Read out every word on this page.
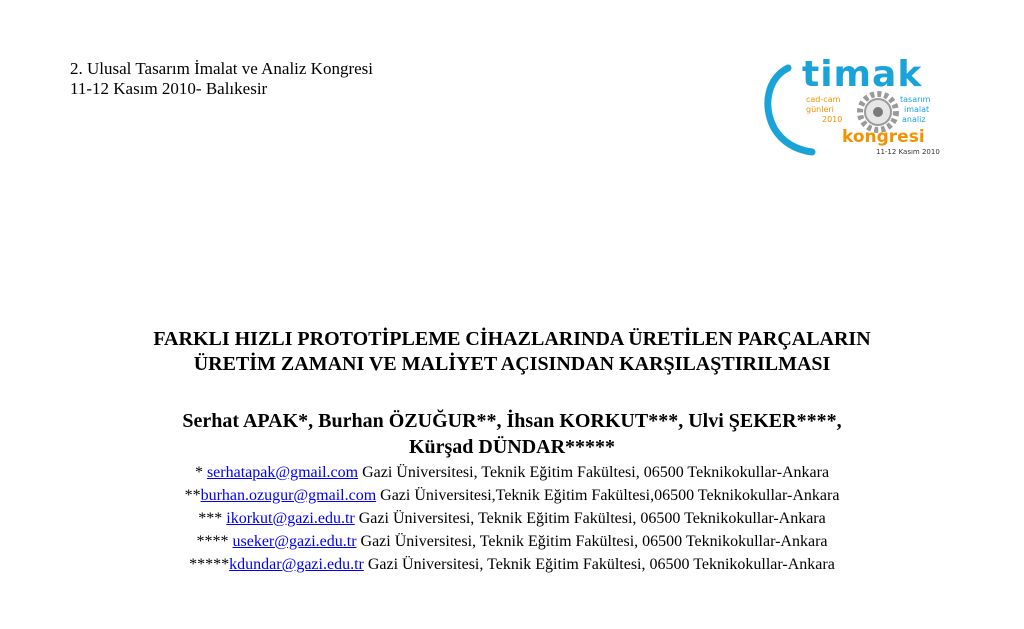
2. Ulusal Tasarım İmalat ve Analiz Kongresi
11-12 Kasım 2010- Balıkesir	timak
cad-cam
günleri
2010
tasarım
imalat
analiz
kongresi
11-12 Kasım 2010
FARKLI HIZLI PROTOTİPLEME CİHAZLARINDA ÜRETİLEN PARÇALARIN
ÜRETİM ZAMANI VE MALİYET AÇISINDAN KARŞILAŞTIRILMASI
Serhat APAK*, Burhan ÖZUĞUR**, İhsan KORKUT***, Ulvi ŞEKER****,
Kürşad DÜNDAR*****
* serhatapak@gmail.com Gazi Üniversitesi, Teknik Eğitim Fakültesi, 06500 Teknikokullar-Ankara
**burhan.ozugur@gmail.com Gazi Üniversitesi,Teknik Eğitim Fakültesi,06500 Teknikokullar-Ankara
*** ikorkut@gazi.edu.tr Gazi Üniversitesi, Teknik Eğitim Fakültesi, 06500 Teknikokullar-Ankara
**** useker@gazi.edu.tr Gazi Üniversitesi, Teknik Eğitim Fakültesi, 06500 Teknikokullar-Ankara
*****kdundar@gazi.edu.tr Gazi Üniversitesi, Teknik Eğitim Fakültesi, 06500 Teknikokullar-Ankara
